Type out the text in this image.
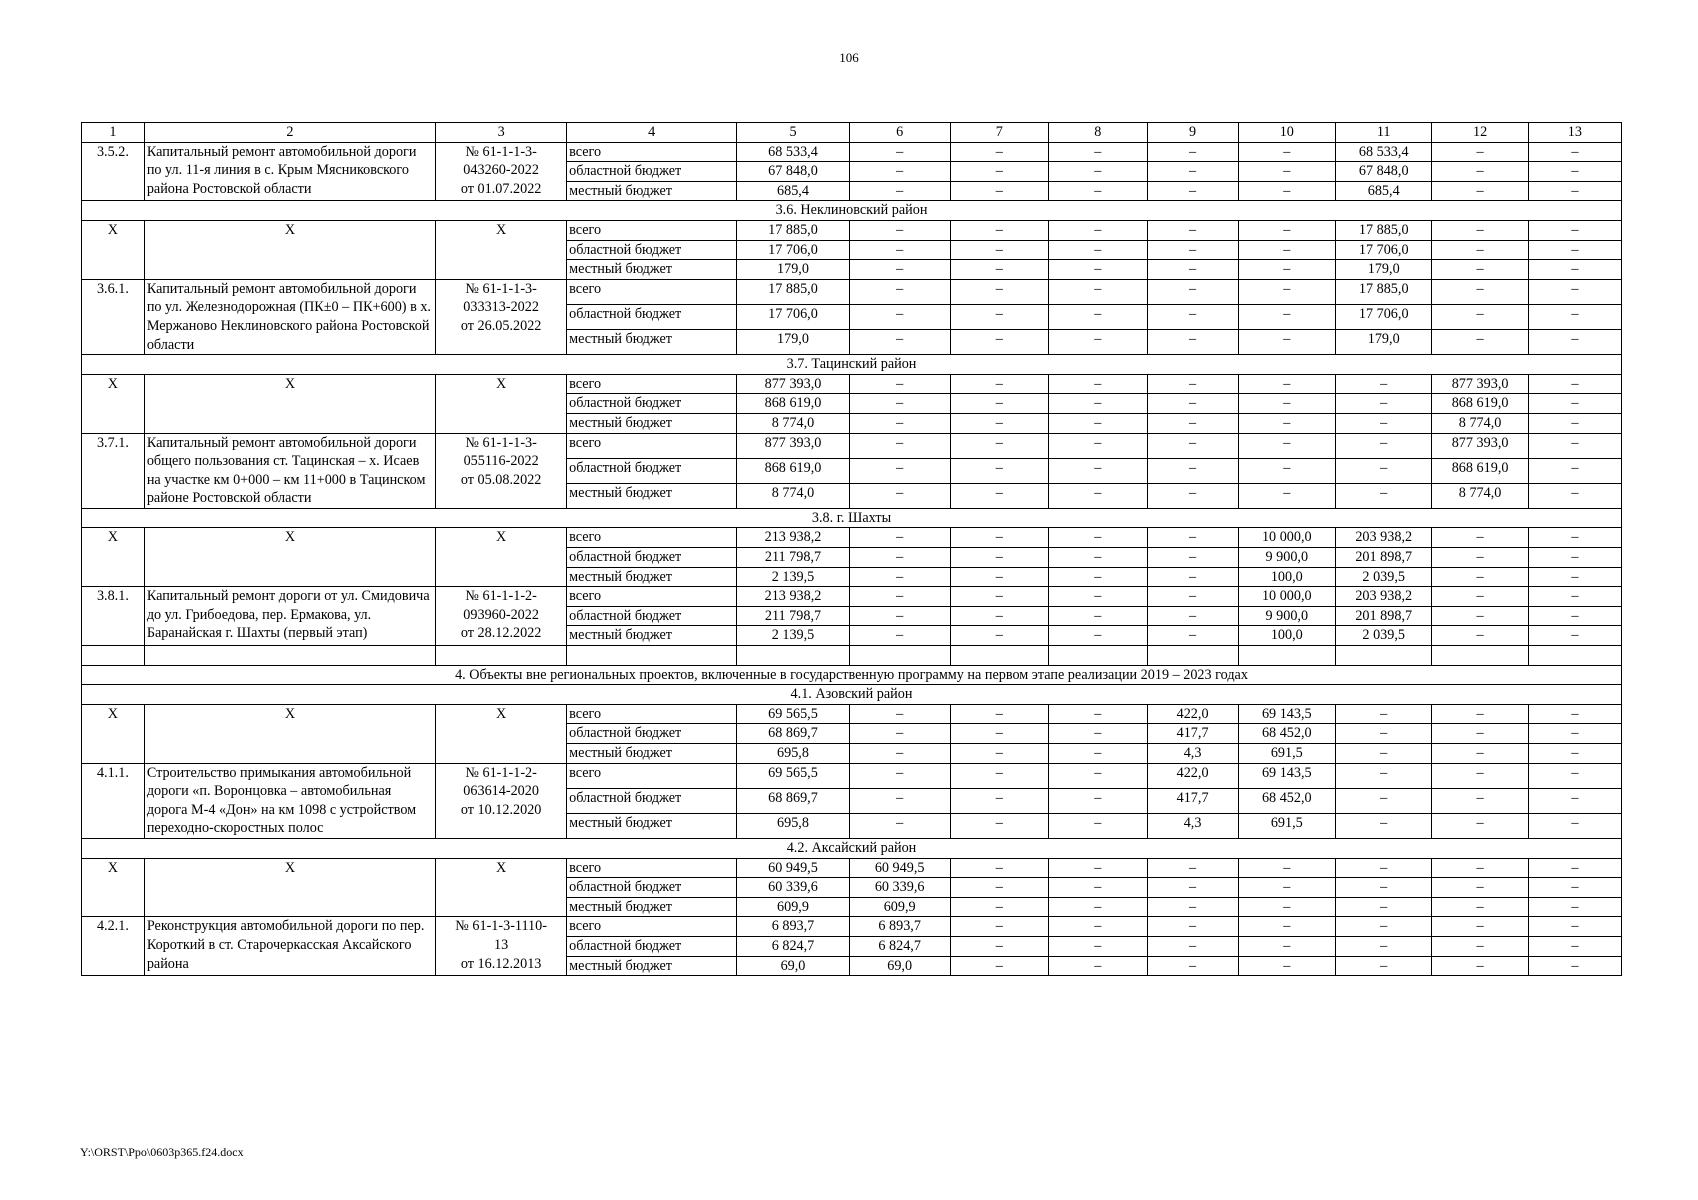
106
1	2	3	4	5	6	7	8	9	10	11	12	13
3.5.2.	Капитальный ремонт автомобильной дороги по ул. 11-я линия в с. Крым Мясниковского района Ростовской области	№ 61-1-1-3-
043260-2022
от 01.07.2022	всего	68 533,4	–	–	–	–	–	68 533,4	–	–
			областной бюджет	67 848,0	–	–	–	–	–	67 848,0	–	–
			местный бюджет	685,4	–	–	–	–	–	685,4	–	–
3.6. Неклиновский район												
Х	Х	Х	всего	17 885,0	–	–	–	–	–	17 885,0	–	–
			областной бюджет	17 706,0	–	–	–	–	–	17 706,0	–	–
			местный бюджет	179,0	–	–	–	–	–	179,0	–	–
3.6.1.	Капитальный ремонт автомобильной дороги по ул. Железнодорожная (ПК±0 – ПК+600) в х. Мержаново Неклиновского района Ростовской области	№ 61-1-1-3-
033313-2022
от 26.05.2022	всего	17 885,0	–	–	–	–	–	17 885,0	–	–
			областной бюджет	17 706,0	–	–	–	–	–	17 706,0	–	–
			местный бюджет	179,0	–	–	–	–	–	179,0	–	–
3.7. Тацинский район												
Х	Х	Х	всего	877 393,0	–	–	–	–	–	–	877 393,0	–
			областной бюджет	868 619,0	–	–	–	–	–	–	868 619,0	–
			местный бюджет	8 774,0	–	–	–	–	–	–	8 774,0	–
3.7.1.	Капитальный ремонт автомобильной дороги общего пользования ст. Тацинская – х. Исаев на участке км 0+000 – км 11+000 в Тацинском районе Ростовской области	№ 61-1-1-3-
055116-2022
от 05.08.2022	всего	877 393,0	–	–	–	–	–	–	877 393,0	–
			областной бюджет	868 619,0	–	–	–	–	–	–	868 619,0	–
			местный бюджет	8 774,0	–	–	–	–	–	–	8 774,0	–
3.8. г. Шахты												
Х	Х	Х	всего	213 938,2	–	–	–	–	10 000,0	203 938,2	–	–
			областной бюджет	211 798,7	–	–	–	–	9 900,0	201 898,7	–	–
			местный бюджет	2 139,5	–	–	–	–	100,0	2 039,5	–	–
3.8.1.	Капитальный ремонт дороги от ул. Смидовича до ул. Грибоедова, пер. Ермакова, ул. Баранайская г. Шахты (первый этап)	№ 61-1-1-2-
093960-2022
от 28.12.2022	всего	213 938,2	–	–	–	–	10 000,0	203 938,2	–	–
			областной бюджет	211 798,7	–	–	–	–	9 900,0	201 898,7	–	–
			местный бюджет	2 139,5	–	–	–	–	100,0	2 039,5	–	–

4. Объекты вне региональных проектов, включенные в государственную программу на первом этапе реализации 2019 – 2023 годах												
4.1. Азовский район												
Х	Х	Х	всего	69 565,5	–	–	–	422,0	69 143,5	–	–	–
			областной бюджет	68 869,7	–	–	–	417,7	68 452,0	–	–	–
			местный бюджет	695,8	–	–	–	4,3	691,5	–	–	–
4.1.1.	Строительство примыкания автомобильной дороги «п. Воронцовка – автомобильная дорога М-4 «Дон» на км 1098 с устройством переходно-скоростных полос	№ 61-1-1-2-
063614-2020
от 10.12.2020	всего	69 565,5	–	–	–	422,0	69 143,5	–	–	–
			областной бюджет	68 869,7	–	–	–	417,7	68 452,0	–	–	–
			местный бюджет	695,8	–	–	–	4,3	691,5	–	–	–
4.2. Аксайский район												
Х	Х	Х	всего	60 949,5	60 949,5	–	–	–	–	–	–	–
			областной бюджет	60 339,6	60 339,6	–	–	–	–	–	–	–
			местный бюджет	609,9	609,9	–	–	–	–	–	–	–
4.2.1.	Реконструкция автомобильной дороги по пер. Короткий в ст. Старочеркасская Аксайского района	№ 61-1-3-1110-
13
от 16.12.2013	всего	6 893,7	6 893,7	–	–	–	–	–	–	–
			областной бюджет	6 824,7	6 824,7	–	–	–	–	–	–	–
			местный бюджет	69,0	69,0	–	–	–	–	–	–	–
Y:\ORST\Ppo\0603p365.f24.docx
